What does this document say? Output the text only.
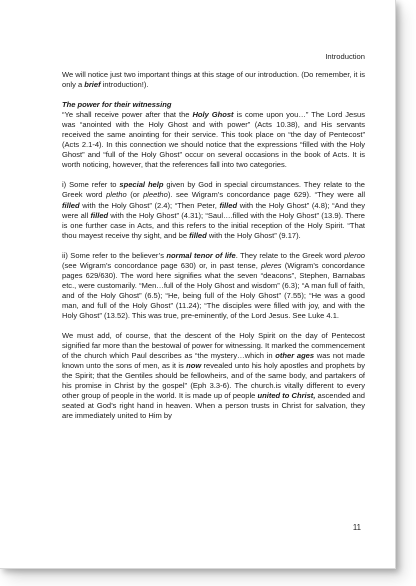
Introduction

We will notice just two important things at this stage of our introduction. (Do remember, it is only a brief introduction!).

The power for their witnessing

“Ye shall receive power after that the Holy Ghost is come upon you…” The Lord Jesus was “anointed with the Holy Ghost and with power” (Acts 10.38), and His servants received the same anointing for their service. This took place on “the day of Pentecost” (Acts 2.1-4). In this connection we should notice that the expressions “filled with the Holy Ghost” and “full of the Holy Ghost” occur on several occasions in the book of Acts. It is worth noticing, however, that the references fall into two categories.

i) Some refer to special help given by God in special circumstances. They relate to the Greek word pletho (or pleetho). see Wigram’s concordance page 629). “They were all filled with the Holy Ghost” (2.4); “Then Peter, filled with the Holy Ghost” (4.8); “And they were all filled with the Holy Ghost” (4.31); “Saul….filled with the Holy Ghost” (13.9). There is one further case in Acts, and this refers to the initial reception of the Holy Spirit. “That thou mayest receive thy sight, and be filled with the Holy Ghost” (9.17).

ii) Some refer to the believer’s normal tenor of life. They relate to the Greek word pleroo (see Wigram’s concordance page 630) or, in past tense, pleres (Wigram’s concordance pages 629/630). The word here signifies what the seven “deacons”, Stephen, Barnabas etc., were customarily. “Men…full of the Holy Ghost and wisdom” (6.3); “A man full of faith, and of the Holy Ghost” (6.5); “He, being full of the Holy Ghost” (7.55); “He was a good man, and full of the Holy Ghost” (11.24); “The disciples were filled with joy, and with the Holy Ghost” (13.52). This was true, pre-eminently, of the Lord Jesus. See Luke 4.1.

We must add, of course, that the descent of the Holy Spirit on the day of Pentecost signified far more than the bestowal of power for witnessing. It marked the commencement of the church which Paul describes as “the mystery…which in other ages was not made known unto the sons of men, as it is now revealed unto his holy apostles and prophets by the Spirit; that the Gentiles should be fellowheirs, and of the same body, and partakers of his promise in Christ by the gospel” (Eph 3.3-6). The church.is vitally different to every other group of people in the world. It is made up of people united to Christ, ascended and seated at God’s right hand in heaven. When a person trusts in Christ for salvation, they are immediately united to Him by

11
